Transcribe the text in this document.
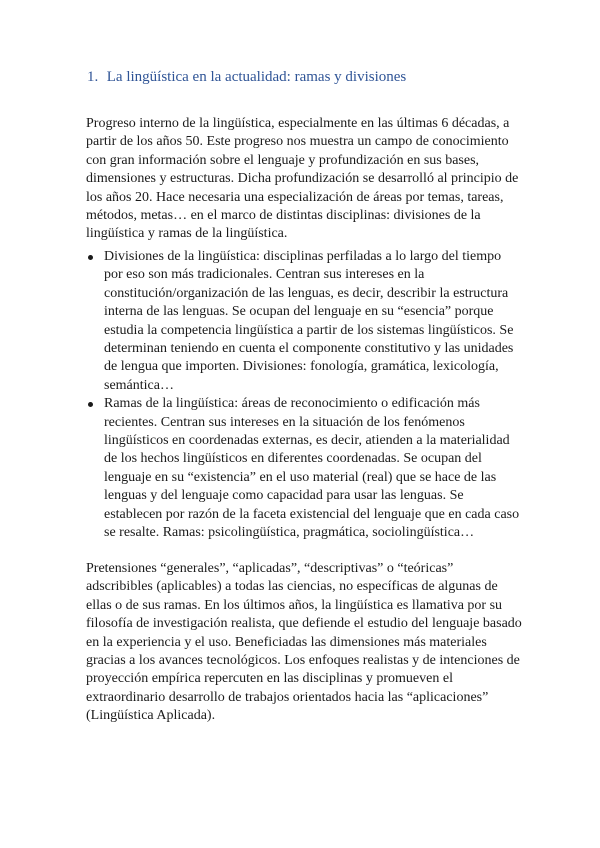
1. La lingüística en la actualidad: ramas y divisiones
Progreso interno de la lingüística, especialmente en las últimas 6 décadas, a partir de los años 50. Este progreso nos muestra un campo de conocimiento con gran información sobre el lenguaje y profundización en sus bases, dimensiones y estructuras. Dicha profundización se desarrolló al principio de los años 20. Hace necesaria una especialización de áreas por temas, tareas, métodos, metas… en el marco de distintas disciplinas: divisiones de la lingüística y ramas de la lingüística.
Divisiones de la lingüística: disciplinas perfiladas a lo largo del tiempo por eso son más tradicionales. Centran sus intereses en la constitución/organización de las lenguas, es decir, describir la estructura interna de las lenguas. Se ocupan del lenguaje en su “esencia” porque estudia la competencia lingüística a partir de los sistemas lingüísticos. Se determinan teniendo en cuenta el componente constitutivo y las unidades de lengua que importen. Divisiones: fonología, gramática, lexicología, semántica…
Ramas de la lingüística: áreas de reconocimiento o edificación más recientes. Centran sus intereses en la situación de los fenómenos lingüísticos en coordenadas externas, es decir, atienden a la materialidad de los hechos lingüísticos en diferentes coordenadas. Se ocupan del lenguaje en su “existencia” en el uso material (real) que se hace de las lenguas y del lenguaje como capacidad para usar las lenguas. Se establecen por razón de la faceta existencial del lenguaje que en cada caso se resalte. Ramas: psicolingüística, pragmática, sociolingüística…
Pretensiones “generales”, “aplicadas”, “descriptivas” o “teóricas” adscribibles (aplicables) a todas las ciencias, no específicas de algunas de ellas o de sus ramas. En los últimos años, la lingüística es llamativa por su filosofía de investigación realista, que defiende el estudio del lenguaje basado en la experiencia y el uso. Beneficiadas las dimensiones más materiales gracias a los avances tecnológicos. Los enfoques realistas y de intenciones de proyección empírica repercuten en las disciplinas y promueven el extraordinario desarrollo de trabajos orientados hacia las “aplicaciones” (Lingüística Aplicada).
